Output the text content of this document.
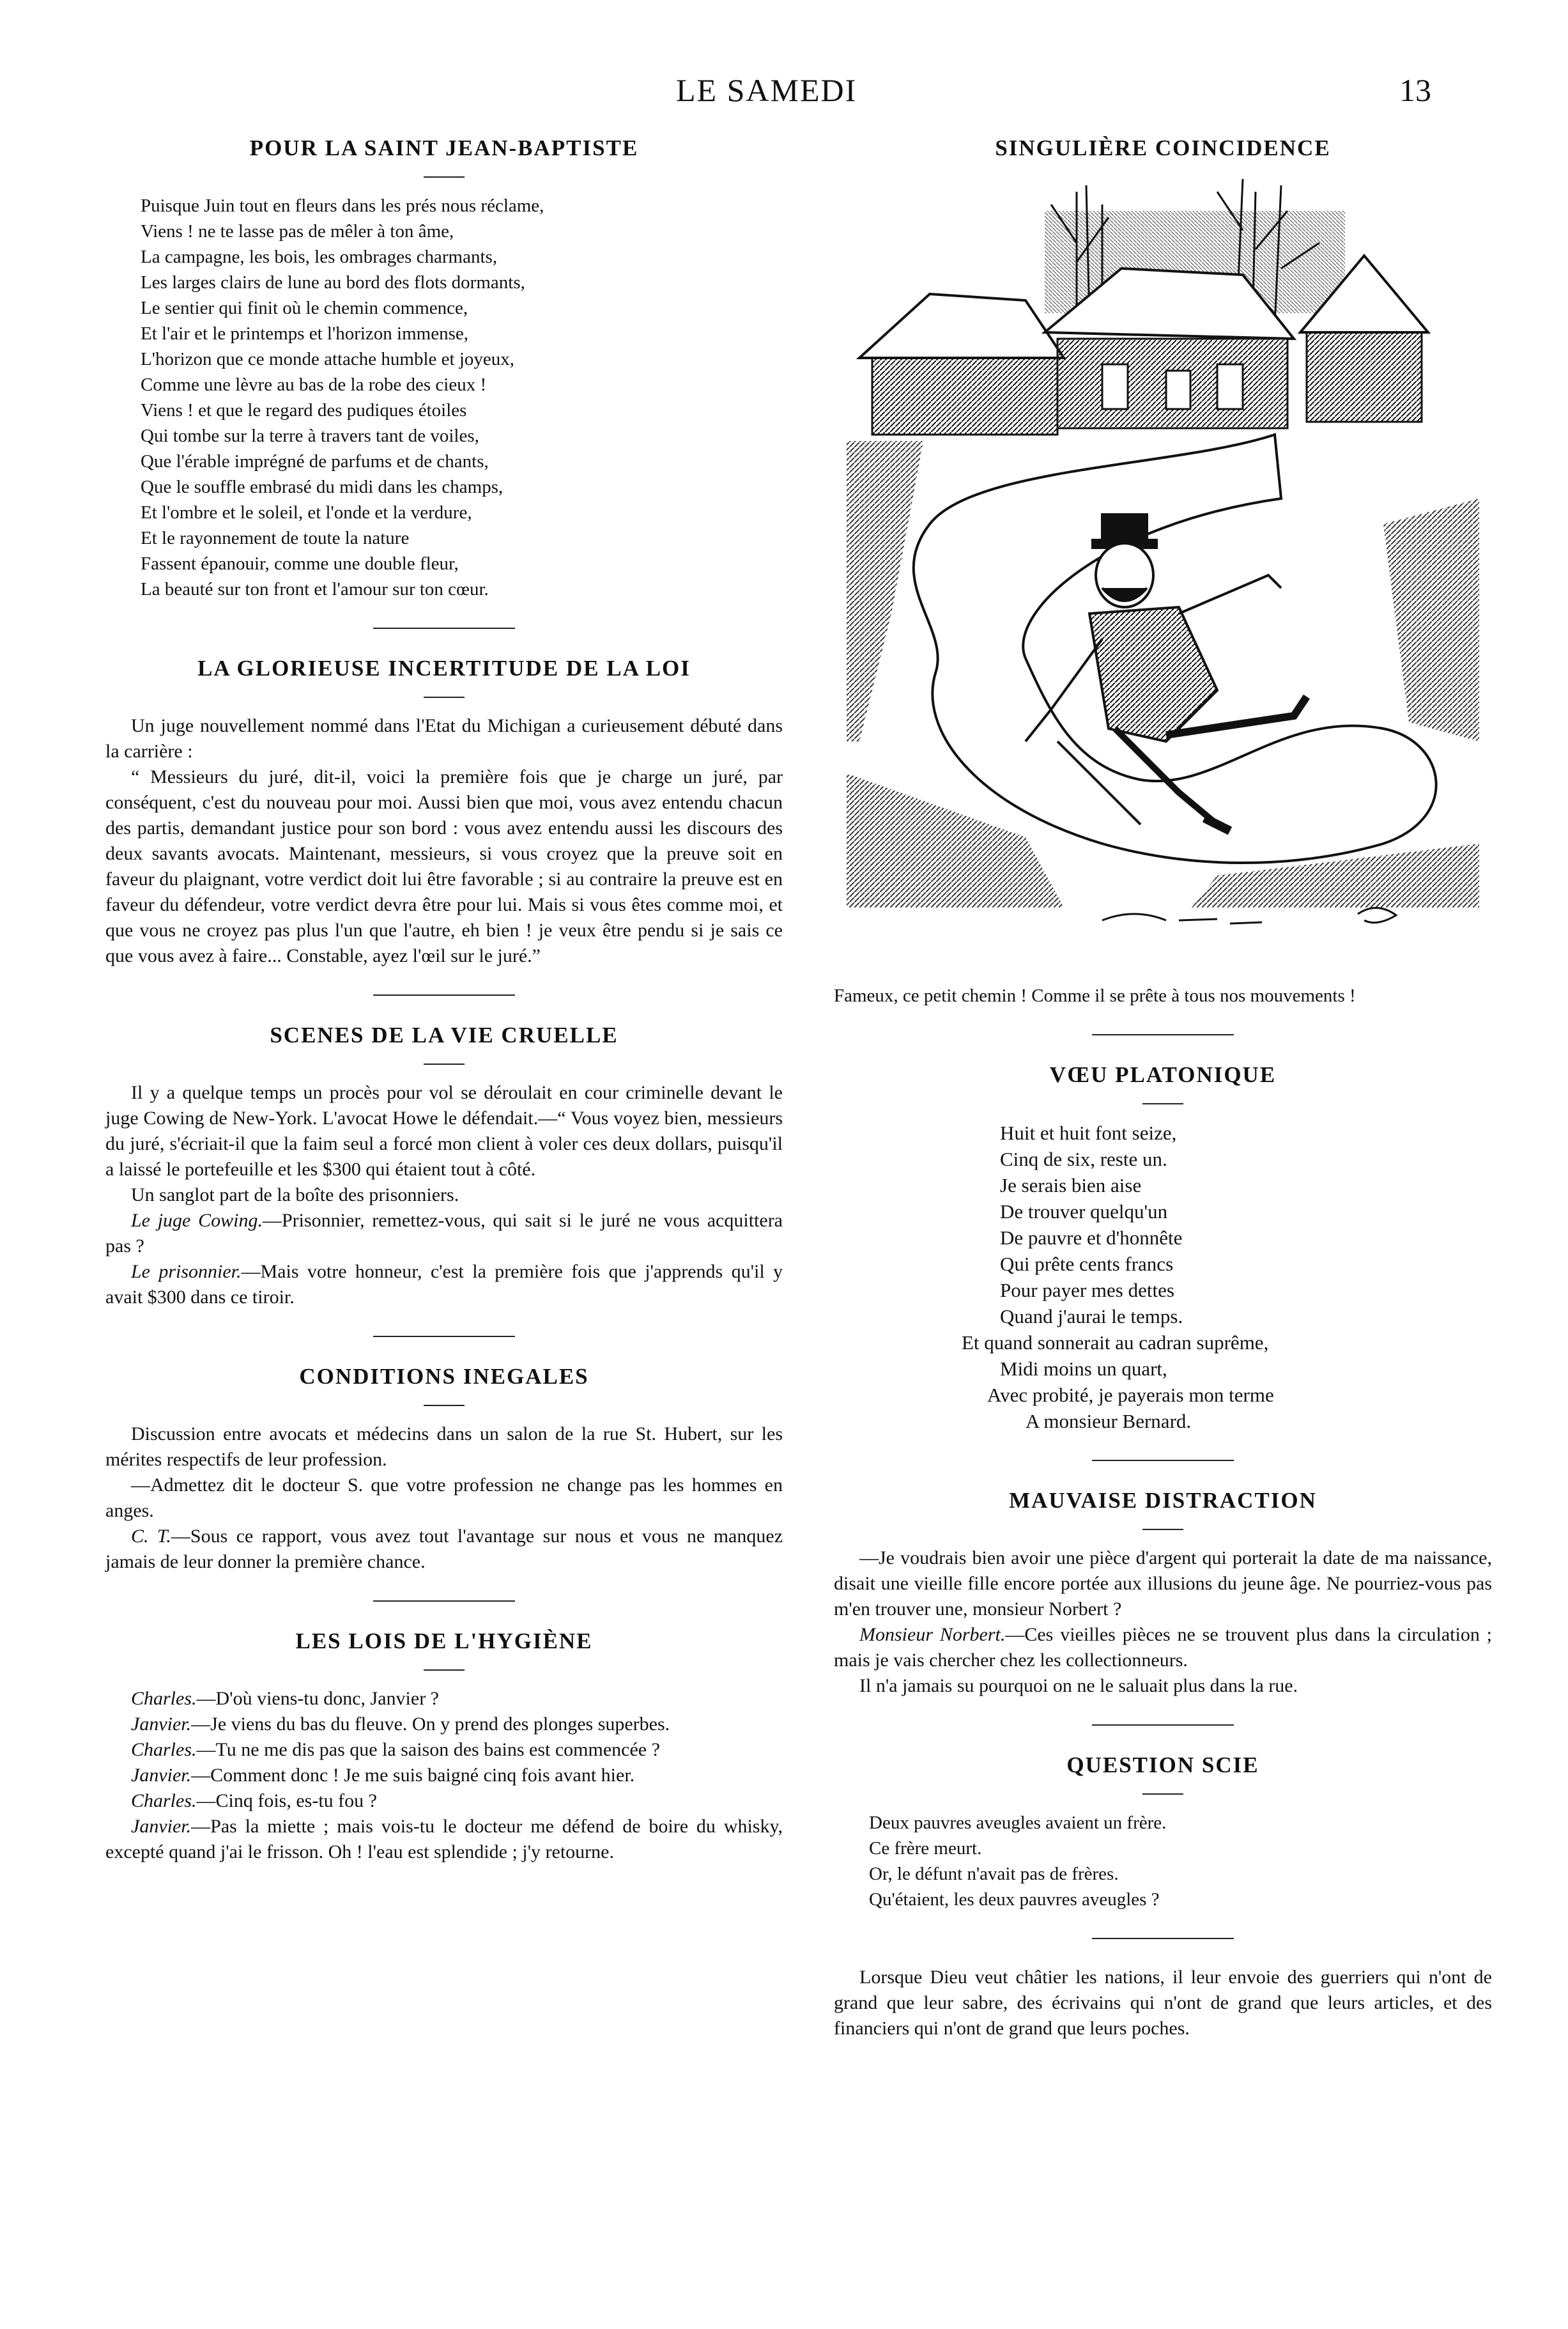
LE SAMEDI	13
POUR LA SAINT JEAN-BAPTISTE
Puisque Juin tout en fleurs dans les prés nous réclame,
Viens ! ne te lasse pas de mêler à ton âme,
La campagne, les bois, les ombrages charmants,
Les larges clairs de lune au bord des flots dormants,
Le sentier qui finit où le chemin commence,
Et l'air et le printemps et l'horizon immense,
L'horizon que ce monde attache humble et joyeux,
Comme une lèvre au bas de la robe des cieux !
Viens ! et que le regard des pudiques étoiles
Qui tombe sur la terre à travers tant de voiles,
Que l'érable imprégné de parfums et de chants,
Que le souffle embrasé du midi dans les champs,
Et l'ombre et le soleil, et l'onde et la verdure,
Et le rayonnement de toute la nature
Fassent épanouir, comme une double fleur,
La beauté sur ton front et l'amour sur ton cœur.
LA GLORIEUSE INCERTITUDE DE LA LOI

Un juge nouvellement nommé dans l'Etat du Michigan a curieusement débuté dans la carrière :

“ Messieurs du juré, dit-il, voici la première fois que je charge un juré, par conséquent, c'est du nouveau pour moi. Aussi bien que moi, vous avez entendu chacun des partis, demandant justice pour son bord : vous avez entendu aussi les discours des deux savants avocats. Maintenant, messieurs, si vous croyez que la preuve soit en faveur du plaignant, votre verdict doit lui être favorable ; si au contraire la preuve est en faveur du défendeur, votre verdict devra être pour lui. Mais si vous êtes comme moi, et que vous ne croyez pas plus l'un que l'autre, eh bien ! je veux être pendu si je sais ce que vous avez à faire... Constable, ayez l'œil sur le juré.”

SCENES DE LA VIE CRUELLE

Il y a quelque temps un procès pour vol se déroulait en cour criminelle devant le juge Cowing de New-York. L'avocat Howe le défendait.—“ Vous voyez bien, messieurs du juré, s'écriait-il que la faim seul a forcé mon client à voler ces deux dollars, puisqu'il a laissé le portefeuille et les $300 qui étaient tout à côté.

Un sanglot part de la boîte des prisonniers.

Le juge Cowing.—Prisonnier, remettez-vous, qui sait si le juré ne vous acquittera pas ?

Le prisonnier.—Mais votre honneur, c'est la première fois que j'apprends qu'il y avait $300 dans ce tiroir.

CONDITIONS INEGALES

Discussion entre avocats et médecins dans un salon de la rue St. Hubert, sur les mérites respectifs de leur profession.

—Admettez dit le docteur S. que votre profession ne change pas les hommes en anges.

C. T.—Sous ce rapport, vous avez tout l'avantage sur nous et vous ne manquez jamais de leur donner la première chance.

LES LOIS DE L'HYGIÈNE

Charles.—D'où viens-tu donc, Janvier ?

Janvier.—Je viens du bas du fleuve. On y prend des plonges superbes.

Charles.—Tu ne me dis pas que la saison des bains est commencée ?

Janvier.—Comment donc ! Je me suis baigné cinq fois avant hier.

Charles.—Cinq fois, es-tu fou ?

Janvier.—Pas la miette ; mais vois-tu le docteur me défend de boire du whisky, excepté quand j'ai le frisson. Oh ! l'eau est splendide ; j'y retourne.

SINGULIÈRE COINCIDENCE
Fameux, ce petit chemin ! Comme il se prête à tous nos mouvements !
VŒU PLATONIQUE
Huit et huit font seize,
Cinq de six, reste un.
Je serais bien aise
De trouver quelqu'un
De pauvre et d'honnête
Qui prête cents francs
Pour payer mes dettes
Quand j'aurai le temps.
Et quand sonnerait au cadran suprême,
Midi moins un quart,
Avec probité, je payerais mon terme
A monsieur Bernard.
MAUVAISE DISTRACTION

—Je voudrais bien avoir une pièce d'argent qui porterait la date de ma naissance, disait une vieille fille encore portée aux illusions du jeune âge. Ne pourriez-vous pas m'en trouver une, monsieur Norbert ?

Monsieur Norbert.—Ces vieilles pièces ne se trouvent plus dans la circulation ; mais je vais chercher chez les collectionneurs.

Il n'a jamais su pourquoi on ne le saluait plus dans la rue.

QUESTION SCIE
Deux pauvres aveugles avaient un frère.
Ce frère meurt.
Or, le défunt n'avait pas de frères.
Qu'étaient, les deux pauvres aveugles ?

Lorsque Dieu veut châtier les nations, il leur envoie des guerriers qui n'ont de grand que leur sabre, des écrivains qui n'ont de grand que leurs articles, et des financiers qui n'ont de grand que leurs poches.
